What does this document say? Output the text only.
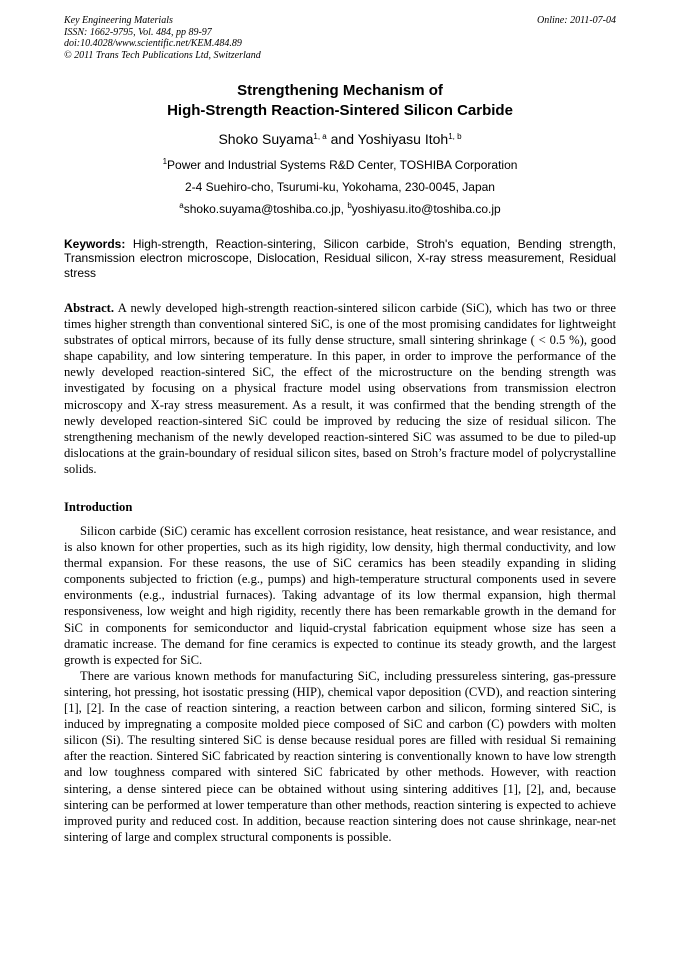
Key Engineering Materials
ISSN: 1662-9795, Vol. 484, pp 89-97
doi:10.4028/www.scientific.net/KEM.484.89
© 2011 Trans Tech Publications Ltd, Switzerland
Online: 2011-07-04
Strengthening Mechanism of
High-Strength Reaction-Sintered Silicon Carbide
Shoko Suyama$^{1, a}$ and Yoshiyasu Itoh$^{1, b}$
$^1$Power and Industrial Systems R&D Center, TOSHIBA Corporation
2-4 Suehiro-cho, Tsurumi-ku, Yokohama, 230-0045, Japan
$^a$shoko.suyama@toshiba.co.jp, $^b$yoshiyasu.ito@toshiba.co.jp
Keywords: High-strength, Reaction-sintering, Silicon carbide, Stroh's equation, Bending strength, Transmission electron microscope, Dislocation, Residual silicon, X-ray stress measurement, Residual stress
Abstract. A newly developed high-strength reaction-sintered silicon carbide (SiC), which has two or three times higher strength than conventional sintered SiC, is one of the most promising candidates for lightweight substrates of optical mirrors, because of its fully dense structure, small sintering shrinkage ( < 0.5 %), good shape capability, and low sintering temperature. In this paper, in order to improve the performance of the newly developed reaction-sintered SiC, the effect of the microstructure on the bending strength was investigated by focusing on a physical fracture model using observations from transmission electron microscopy and X-ray stress measurement. As a result, it was confirmed that the bending strength of the newly developed reaction-sintered SiC could be improved by reducing the size of residual silicon. The strengthening mechanism of the newly developed reaction-sintered SiC was assumed to be due to piled-up dislocations at the grain-boundary of residual silicon sites, based on Stroh’s fracture model of polycrystalline solids.
Introduction

Silicon carbide (SiC) ceramic has excellent corrosion resistance, heat resistance, and wear resistance, and is also known for other properties, such as its high rigidity, low density, high thermal conductivity, and low thermal expansion. For these reasons, the use of SiC ceramics has been steadily expanding in sliding components subjected to friction (e.g., pumps) and high-temperature structural components used in severe environments (e.g., industrial furnaces). Taking advantage of its low thermal expansion, high thermal responsiveness, low weight and high rigidity, recently there has been remarkable growth in the demand for SiC in components for semiconductor and liquid-crystal fabrication equipment whose size has seen a dramatic increase. The demand for fine ceramics is expected to continue its steady growth, and the largest growth is expected for SiC.

There are various known methods for manufacturing SiC, including pressureless sintering, gas-pressure sintering, hot pressing, hot isostatic pressing (HIP), chemical vapor deposition (CVD), and reaction sintering [1], [2]. In the case of reaction sintering, a reaction between carbon and silicon, forming sintered SiC, is induced by impregnating a composite molded piece composed of SiC and carbon (C) powders with molten silicon (Si). The resulting sintered SiC is dense because residual pores are filled with residual Si remaining after the reaction. Sintered SiC fabricated by reaction sintering is conventionally known to have low strength and low toughness compared with sintered SiC fabricated by other methods. However, with reaction sintering, a dense sintered piece can be obtained without using sintering additives [1], [2], and, because sintering can be performed at lower temperature than other methods, reaction sintering is expected to achieve improved purity and reduced cost. In addition, because reaction sintering does not cause shrinkage, near-net sintering of large and complex structural components is possible.
